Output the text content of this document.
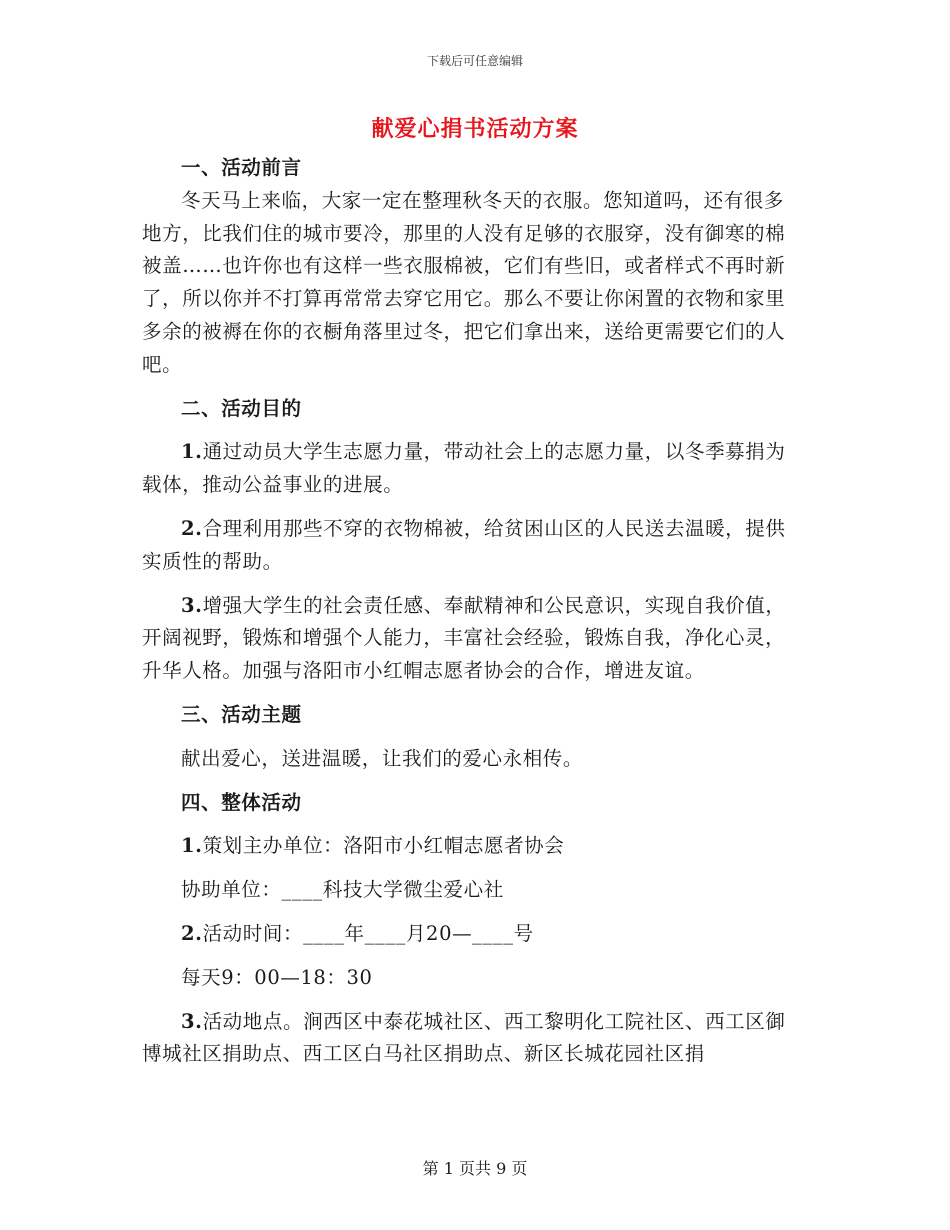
下载后可任意编辑
献爱心捐书活动方案

一、活动前言

冬天马上来临，大家一定在整理秋冬天的衣服。您知道吗，还有很多地方，比我们住的城市要冷，那里的人没有足够的衣服穿，没有御寒的棉被盖……也许你也有这样一些衣服棉被，它们有些旧，或者样式不再时新了，所以你并不打算再常常去穿它用它。那么不要让你闲置的衣物和家里多余的被褥在你的衣橱角落里过冬，把它们拿出来，送给更需要它们的人吧。

二、活动目的

1.通过动员大学生志愿力量，带动社会上的志愿力量，以冬季募捐为载体，推动公益事业的进展。

2.合理利用那些不穿的衣物棉被，给贫困山区的人民送去温暖，提供实质性的帮助。

3.增强大学生的社会责任感、奉献精神和公民意识，实现自我价值，开阔视野，锻炼和增强个人能力，丰富社会经验，锻炼自我，净化心灵，升华人格。加强与洛阳市小红帽志愿者协会的合作，增进友谊。

三、活动主题

献出爱心，送进温暖，让我们的爱心永相传。

四、整体活动

1.策划主办单位：洛阳市小红帽志愿者协会

协助单位：____科技大学微尘爱心社

2.活动时间：____年____月20—____号

每天9：00—18：30

3.活动地点。涧西区中泰花城社区、西工黎明化工院社区、西工区御博城社区捐助点、西工区白马社区捐助点、新区长城花园社区捐

第 1 页共 9 页
